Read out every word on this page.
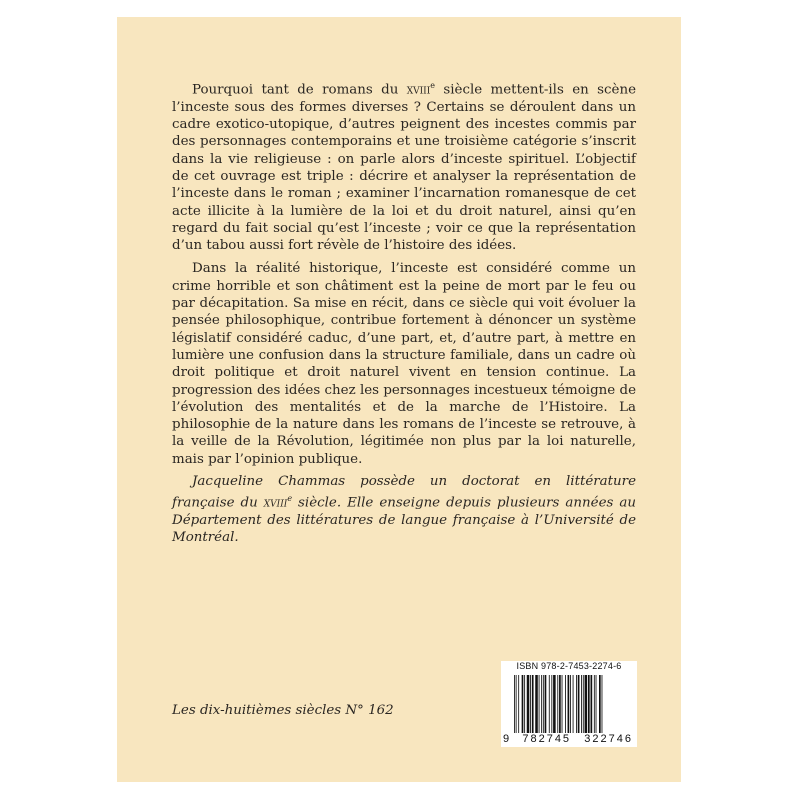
Pourquoi tant de romans du xviii$^e$ siècle mettent-ils en scène l’inceste sous des formes diverses ? Certains se déroulent dans un cadre exotico-utopique, d’autres peignent des incestes commis par des personnages contemporains et une troisième catégorie s’inscrit dans la vie religieuse : on parle alors d’inceste spirituel. L’objectif de cet ouvrage est triple : décrire et analyser la représentation de l’inceste dans le roman ; examiner l’incarnation romanesque de cet acte illicite à la lumière de la loi et du droit naturel, ainsi qu’en regard du fait social qu’est l’inceste ; voir ce que la représentation d’un tabou aussi fort révèle de l’histoire des idées.

Dans la réalité historique, l’inceste est considéré comme un crime horrible et son châtiment est la peine de mort par le feu ou par décapitation. Sa mise en récit, dans ce siècle qui voit évoluer la pensée philosophique, contribue fortement à dénoncer un système législatif considéré caduc, d’une part, et, d’autre part, à mettre en lumière une confusion dans la structure familiale, dans un cadre où droit politique et droit naturel vivent en tension continue. La progression des idées chez les personnages incestueux témoigne de l’évolution des mentalités et de la marche de l’Histoire. La philosophie de la nature dans les romans de l’inceste se retrouve, à la veille de la Révolution, légitimée non plus par la loi naturelle, mais par l’opinion publique.

Jacqueline Chammas possède un doctorat en littérature française du xviii$^e$ siècle. Elle enseigne depuis plusieurs années au Département des littératures de langue française à l’Université de Montréal.

Les dix-huitièmes siècles N° 162
ISBN 978-2-7453-2274-6
9 782745 322746
